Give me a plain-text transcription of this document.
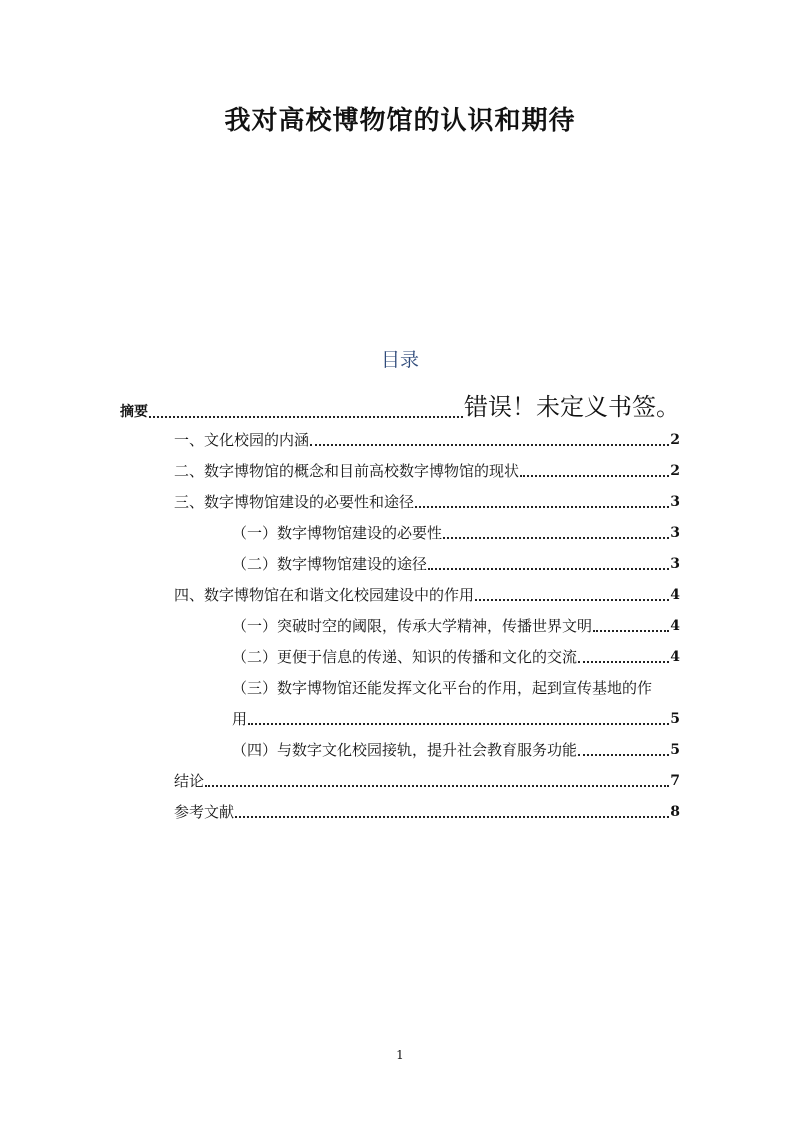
我对高校博物馆的认识和期待
目录
摘要	错误！未定义书签。
一、文化校园的内涵	2
二、数字博物馆的概念和目前高校数字博物馆的现状	2
三、数字博物馆建设的必要性和途径	3
（一）数字博物馆建设的必要性	3
（二）数字博物馆建设的途径	3
四、数字博物馆在和谐文化校园建设中的作用	4
（一）突破时空的阈限，传承大学精神，传播世界文明	4
（二）更便于信息的传递、知识的传播和文化的交流	4
（三）数字博物馆还能发挥文化平台的作用，起到宣传基地的作
用	5
（四）与数字文化校园接轨，提升社会教育服务功能	5
结论	7
参考文献	8
1
